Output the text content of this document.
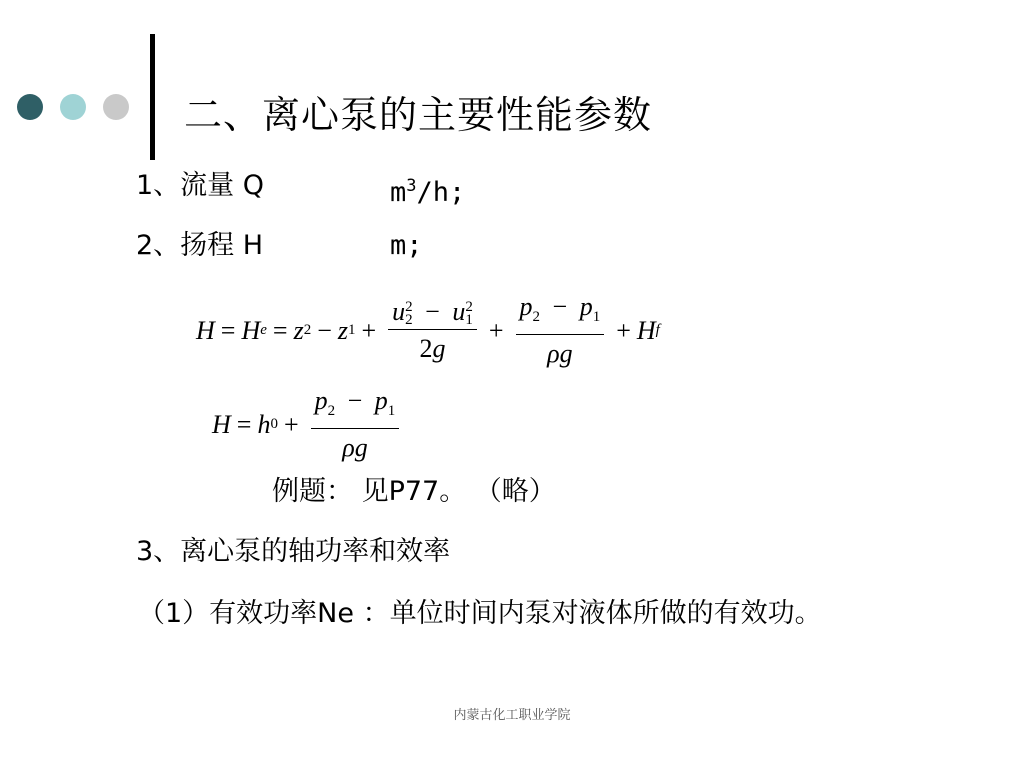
二、离心泵的主要性能参数
1、流量 Q	$m^3/h$;
2、扬程 H	m;
H = H e = z 2 − z 1 + u 2
2 − u 2
1
$2g + \frac{p_2 - p_1}{\rho g} + H$ f
H = h $0 + \frac{p_2 - p_1}{\rho g}$
例题： 见P77。 （略）
3、离心泵的轴功率和效率
（1）有效功率Ne ：单位时间内泵对液体所做的有效功。
内蒙古化工职业学院
